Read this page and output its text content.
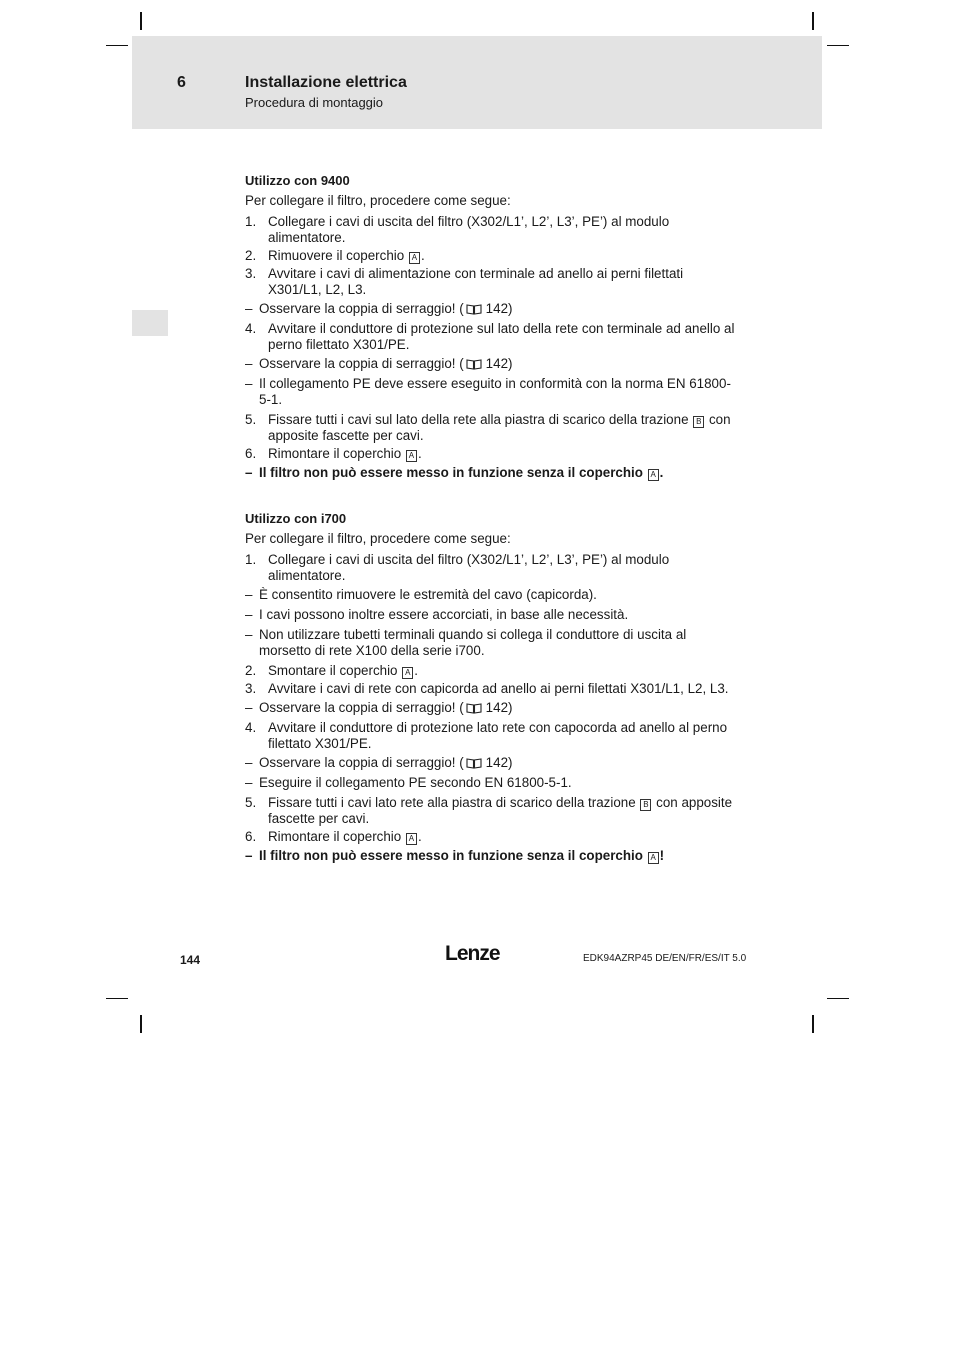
6	Installazione elettrica
Procedura di montaggio
Utilizzo con 9400

Per collegare il filtro, procedere come segue:

1. Collegare i cavi di uscita del filtro (X302/L1’, L2’, L3’, PE’) al modulo alimentatore.
2. Rimuovere il coperchio A .
3. Avvitare i cavi di alimentazione con terminale ad anello ai perni filettati X301/L1, L2, L3.
– Osservare la coppia di serraggio! ( 142)
4. Avvitare il conduttore di protezione sul lato della rete con terminale ad anello al perno filettato X301/PE.
– Osservare la coppia di serraggio! ( 142)
– Il collegamento PE deve essere eseguito in conformità con la norma EN 61800-5-1.
5. Fissare tutti i cavi sul lato della rete alla piastra di scarico della trazione B con apposite fascette per cavi.
6. Rimontare il coperchio A .
– Il filtro non può essere messo in funzione senza il coperchio A .
Utilizzo con i700

Per collegare il filtro, procedere come segue:

1. Collegare i cavi di uscita del filtro (X302/L1’, L2’, L3’, PE’) al modulo alimentatore.
– È consentito rimuovere le estremità del cavo (capicorda).
– I cavi possono inoltre essere accorciati, in base alle necessità.
– Non utilizzare tubetti terminali quando si collega il conduttore di uscita al morsetto di rete X100 della serie i700.
2. Smontare il coperchio A .
3. Avvitare i cavi di rete con capicorda ad anello ai perni filettati X301/L1, L2, L3.
– Osservare la coppia di serraggio! ( 142)
4. Avvitare il conduttore di protezione lato rete con capocorda ad anello al perno filettato X301/PE.
– Osservare la coppia di serraggio! ( 142)
– Eseguire il collegamento PE secondo EN 61800-5-1.
5. Fissare tutti i cavi lato rete alla piastra di scarico della trazione B con apposite fascette per cavi.
6. Rimontare il coperchio A .
– Il filtro non può essere messo in funzione senza il coperchio A !
144	Lenze	EDK94AZRP45 DE/EN/FR/ES/IT 5.0
